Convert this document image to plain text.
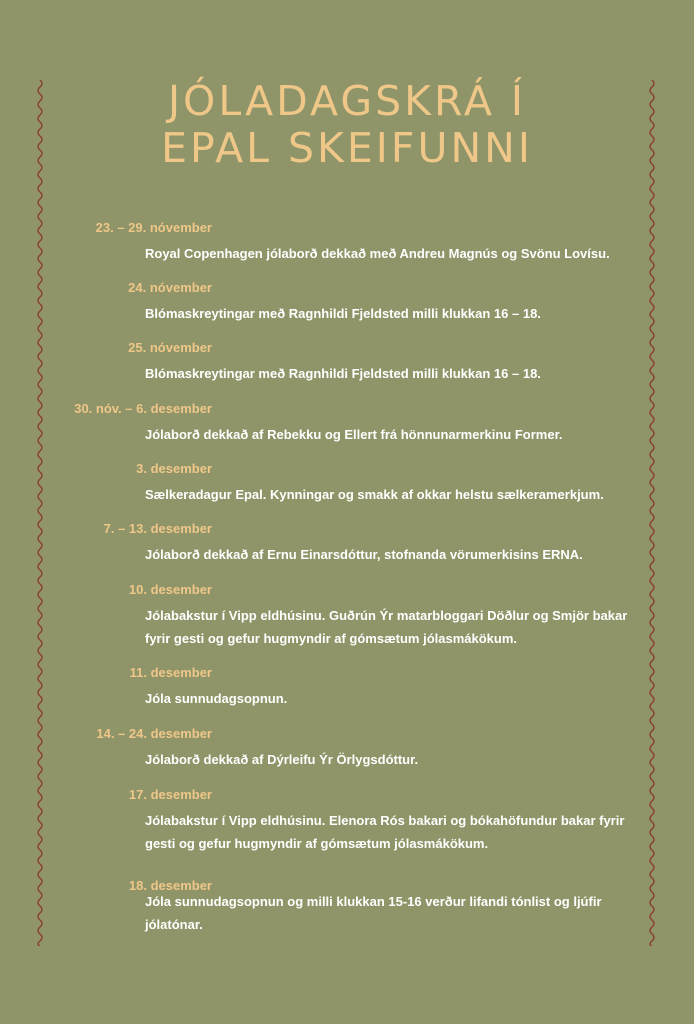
JÓLADAGSKRÁ Í
EPAL SKEIFUNNI
23. – 29. nóvember
Royal Copenhagen jólaborð dekkað með Andreu Magnús og Svönu Lovísu.
24. nóvember
Blómaskreytingar með Ragnhildi Fjeldsted milli klukkan 16 – 18.
25. nóvember
Blómaskreytingar með Ragnhildi Fjeldsted milli klukkan 16 – 18.
30. nóv. – 6. desember
Jólaborð dekkað af Rebekku og Ellert frá hönnunarmerkinu Former.
3. desember
Sælkeradagur Epal. Kynningar og smakk af okkar helstu sælkeramerkjum.
7. – 13. desember
Jólaborð dekkað af Ernu Einarsdóttur, stofnanda vörumerkisins ERNA.
10. desember
Jólabakstur í Vipp eldhúsinu. Guðrún Ýr matarbloggari Döðlur og Smjör bakar fyrir gesti og gefur hugmyndir af gómsætum jólasmákökum.
11. desember
Jóla sunnudagsopnun.
14. – 24. desember
Jólaborð dekkað af Dýrleifu Ýr Örlygsdóttur.
17. desember
Jólabakstur í Vipp eldhúsinu. Elenora Rós bakari og bókahöfundur bakar fyrir gesti og gefur hugmyndir af gómsætum jólasmákökum.
18. desember
Jóla sunnudagsopnun og milli klukkan 15-16 verður lifandi tónlist og ljúfir jólatónar.
